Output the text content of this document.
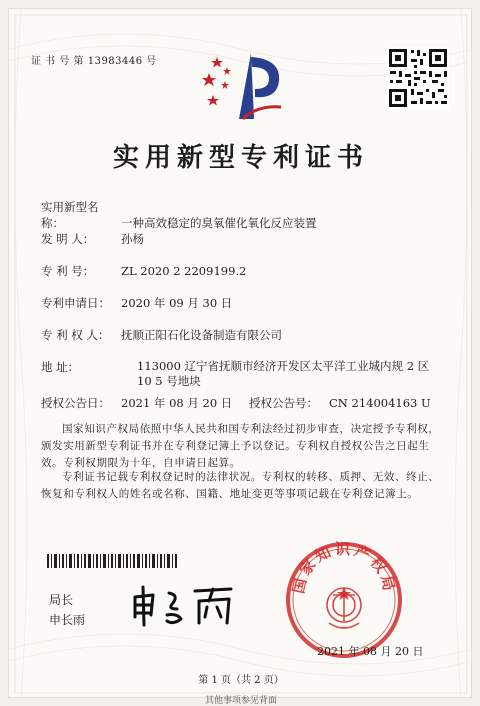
证 书 号 第 13983446 号
实用新型专利证书
实用新型名称：	一种高效稳定的臭氧催化氧化反应装置
发 明 人： 孙杨
专 利 号： ZL 2020 2 2209199.2
专利申请日： 2020 年 09 月 30 日
专 利 权 人： 抚顺正阳石化设备制造有限公司
地 址：	113000 辽宁省抚顺市经济开发区太平洋工业城内规 2 区 10 5 号地块
授权公告日： 2021 年 08 月 20 日 授权公告号： CN 214004163 U
国家知识产权局依照中华人民共和国专利法经过初步审查，决定授予专利权，颁发实用新型专利证书并在专利登记簿上予以登记。专利权自授权公告之日起生效。专利权期限为十年，自申请日起算。
专利证书记载专利权登记时的法律状况。专利权的转移、质押、无效、终止、恢复和专利权人的姓名或名称、国籍、地址变更等事项记载在专利登记簿上。
局长
申长雨
国家知识产权局
2021 年 08 月 20 日
第 1 页（共 2 页）
其他事项参见背面
